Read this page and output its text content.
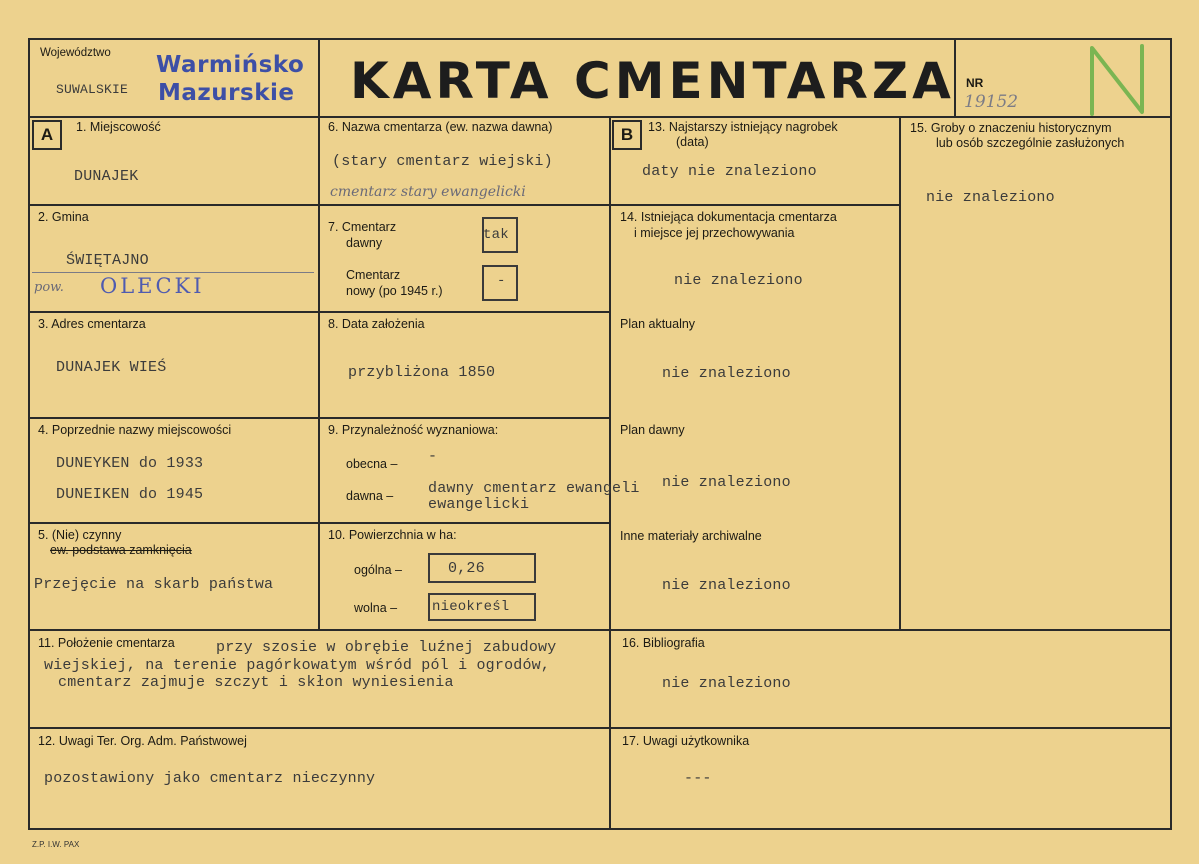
Województwo
SUWALSKIE
Warmińsko
Mazurskie KARTA CMENTARZA NR
19152
A	B
1. Miejscowość
DUNAJEK
2. Gmina
ŚWIĘTAJNO
pow. OLECKI
3. Adres cmentarza
DUNAJEK WIEŚ
4. Poprzednie nazwy miejscowości
DUNEYKEN do 1933
DUNEIKEN do 1945
5. (Nie) czynny
ew. podstawa zamknięcia
Przejęcie na skarb państwa
6. Nazwa cmentarza (ew. nazwa dawna)
(stary cmentarz wiejski)
cmentarz stary ewangelicki
7. Cmentarz
dawny	tak
Cmentarz
nowy (po 1945 r.)
-
8. Data założenia
przybliżona 1850
9. Przynależność wyznaniowa:
obecna – -
dawna – dawny cmentarz ewangeli
ewangelicki
10. Powierzchnia w ha:
ogólna –	0,26
wolna – nieokreśl
11. Położenie cmentarza	przy szosie w obrębie luźnej zabudowy
wiejskiej, na terenie pagórkowatym wśród pól i ogrodów,
cmentarz zajmuje szczyt i skłon wyniesienia
12. Uwagi Ter. Org. Adm. Państwowej
pozostawiony jako cmentarz nieczynny
13. Najstarszy istniejący nagrobek
(data)
daty nie znaleziono
14. Istniejąca dokumentacja cmentarza
i miejsce jej przechowywania
nie znaleziono
Plan aktualny
nie znaleziono
Plan dawny
nie znaleziono
Inne materiały archiwalne
nie znaleziono
15. Groby o znaczeniu historycznym
lub osób szczególnie zasłużonych
nie znaleziono
16. Bibliografia
nie znaleziono
17. Uwagi użytkownika
---
Z.P. I.W. PAX
